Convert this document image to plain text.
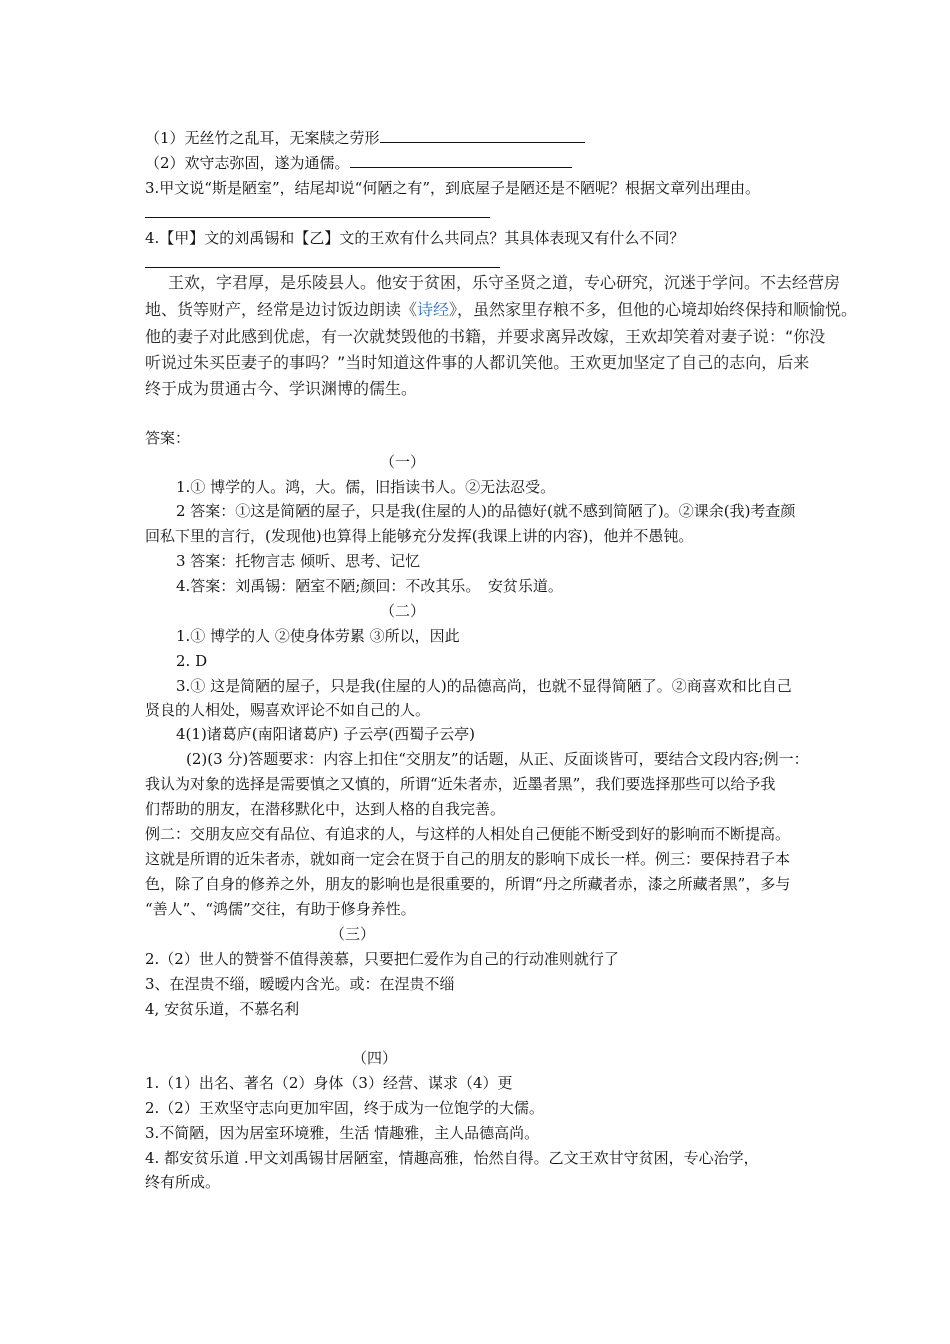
（1）无丝竹之乱耳，无案牍之劳形
（2）欢守志弥固，遂为通儒。
3.甲文说“斯是陋室”，结尾却说“何陋之有”，到底屋子是陋还是不陋呢？根据文章列出理由。
4.【甲】文的刘禹锡和【乙】文的王欢有什么共同点？其具体表现又有什么不同？
王欢，字君厚，是乐陵县人。他安于贫困，乐守圣贤之道，专心研究，沉迷于学问。不去经营房
地、货等财产，经常是边讨饭边朗读《诗经》，虽然家里存粮不多，但他的心境却始终保持和顺愉悦。
他的妻子对此感到优虑，有一次就焚毁他的书籍，并要求离异改嫁，王欢却笑着对妻子说：“你没
听说过朱买臣妻子的事吗？”当时知道这件事的人都讥笑他。王欢更加坚定了自己的志向，后来
终于成为贯通古今、学识渊博的儒生。
答案：
（一）
1.① 博学的人。鸿，大。儒，旧指读书人。②无法忍受。
2 答案：①这是简陋的屋子，只是我(住屋的人)的品德好(就不感到简陋了)。②课余(我)考查颜
回私下里的言行，(发现他)也算得上能够充分发挥(我课上讲的内容)，他并不愚钝。
3 答案：托物言志 倾听、思考、记忆
4.答案：刘禹锡：陋室不陋;颜回：不改其乐。　安贫乐道。
（二）
1.① 博学的人 ②使身体劳累 ③所以，因此
2. D
3.① 这是简陋的屋子，只是我(住屋的人)的品德高尚，也就不显得简陋了。②商喜欢和比自己
贤良的人相处，赐喜欢评论不如自己的人。
4(1)诸葛庐(南阳诸葛庐) 子云亭(西蜀子云亭)
(2)(3 分)答题要求：内容上扣住“交朋友”的话题，从正、反面谈皆可，要结合文段内容;例一：
我认为对象的选择是需要慎之又慎的，所谓“近朱者赤，近墨者黑”，我们要选择那些可以给予我
们帮助的朋友，在潜移默化中，达到人格的自我完善。
例二：交朋友应交有品位、有追求的人，与这样的人相处自己便能不断受到好的影响而不断提高。
这就是所谓的近朱者赤，就如商一定会在贤于自己的朋友的影响下成长一样。例三：要保持君子本
色，除了自身的修养之外，朋友的影响也是很重要的，所谓“丹之所藏者赤，漆之所藏者黑”，多与
“善人”、“鸿儒”交往，有助于修身养性。
（三）
2.（2）世人的赞誉不值得羡慕，只要把仁爱作为自己的行动准则就行了
3、在涅贵不缁，暧暧内含光。或：在涅贵不缁
4, 安贫乐道，不慕名利
（四）
1.（1）出名、著名（2）身体（3）经营、谋求（4）更
2.（2）王欢坚守志向更加牢固，终于成为一位饱学的大儒。
3.不简陋，因为居室环境雅，生活 情趣雅，主人品德高尚。
4. 都安贫乐道 .甲文刘禹锡甘居陋室，情趣高雅，怡然自得。乙文王欢甘守贫困，专心治学，
终有所成。
